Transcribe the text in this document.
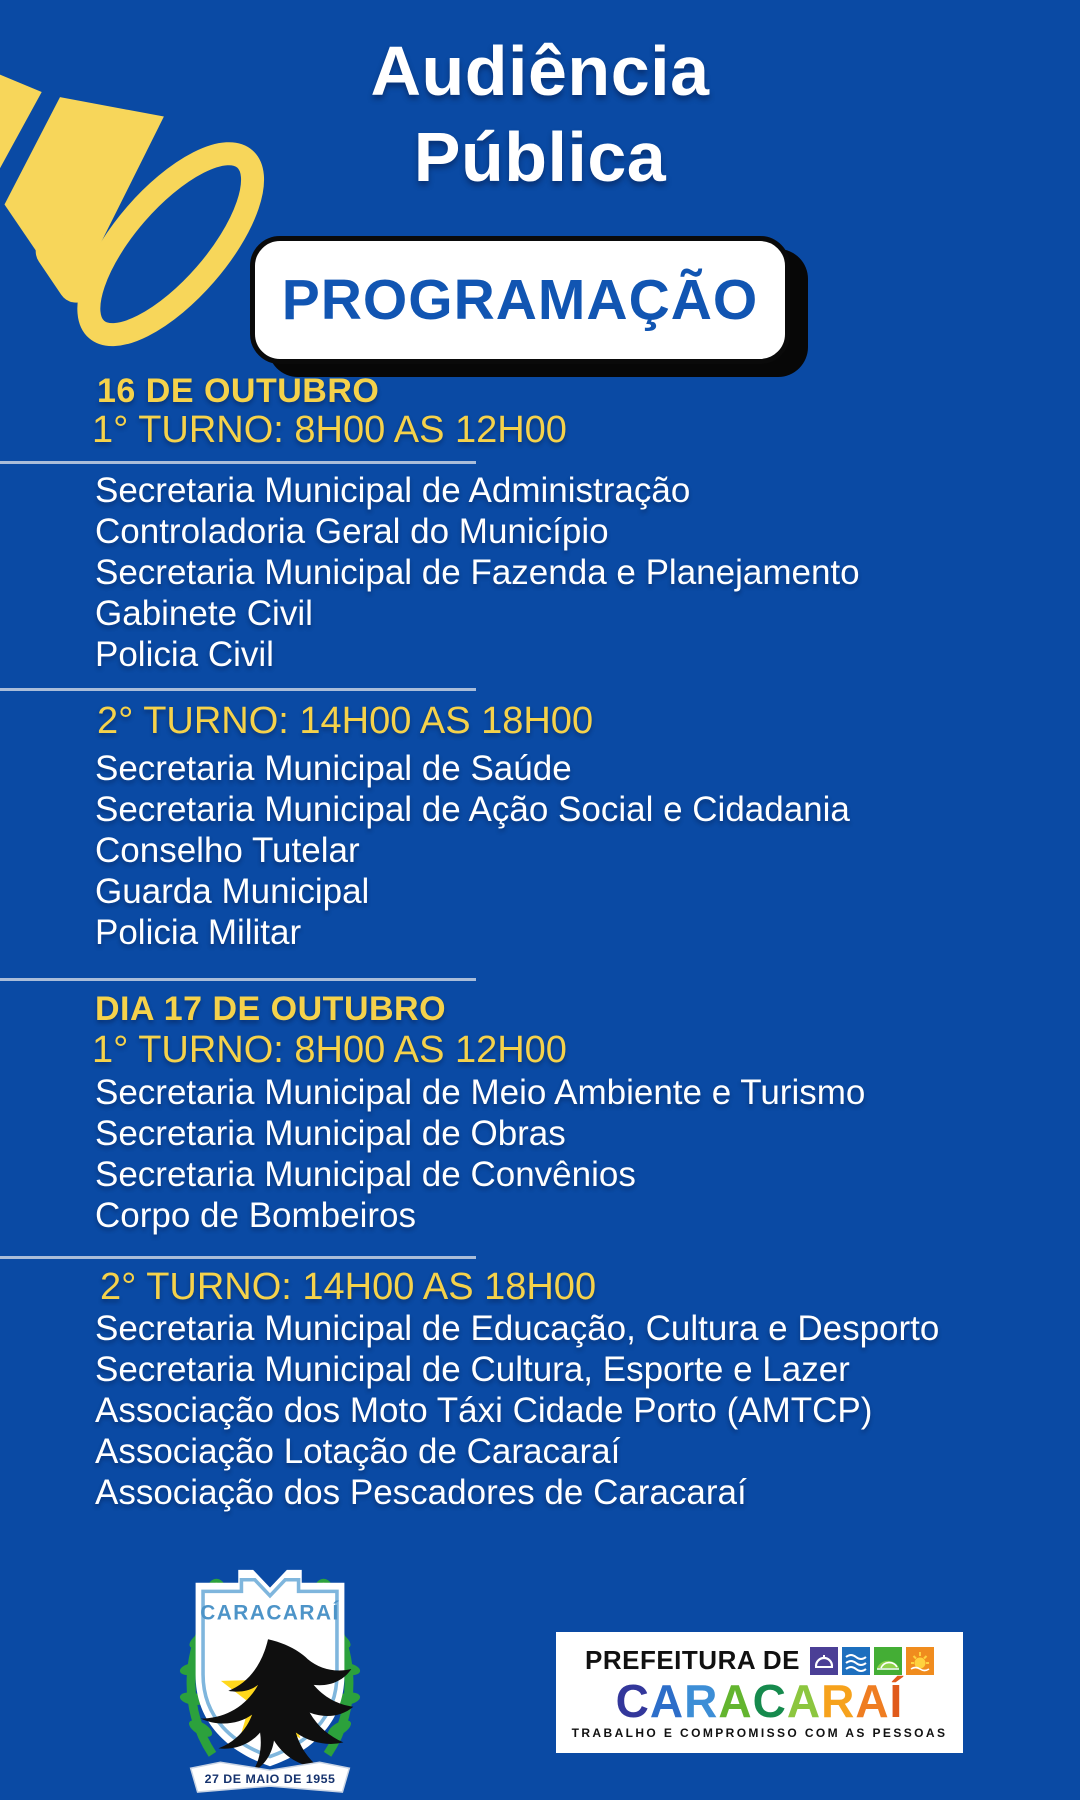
Audiência
Pública
PROGRAMAÇÃO
16 DE OUTUBRO
1° TURNO: 8H00 AS 12H00
Secretaria Municipal de Administração
Controladoria Geral do Município
Secretaria Municipal de Fazenda e Planejamento
Gabinete Civil
Policia Civil
2° TURNO: 14H00 AS 18H00
Secretaria Municipal de Saúde
Secretaria Municipal de Ação Social e Cidadania
Conselho Tutelar
Guarda Municipal
Policia Militar
DIA 17 DE OUTUBRO
1° TURNO: 8H00 AS 12H00
Secretaria Municipal de Meio Ambiente e Turismo
Secretaria Municipal de Obras
Secretaria Municipal de Convênios
Corpo de Bombeiros
2° TURNO: 14H00 AS 18H00
Secretaria Municipal de Educação, Cultura e Desporto
Secretaria Municipal de Cultura, Esporte e Lazer
Associação dos Moto Táxi Cidade Porto (AMTCP)
Associação Lotação de Caracaraí
Associação dos Pescadores de Caracaraí
CARACARAÍ
27 DE MAIO DE 1955
PREFEITURA DE
CARACARAÍ
TRABALHO E COMPROMISSO COM AS PESSOAS
